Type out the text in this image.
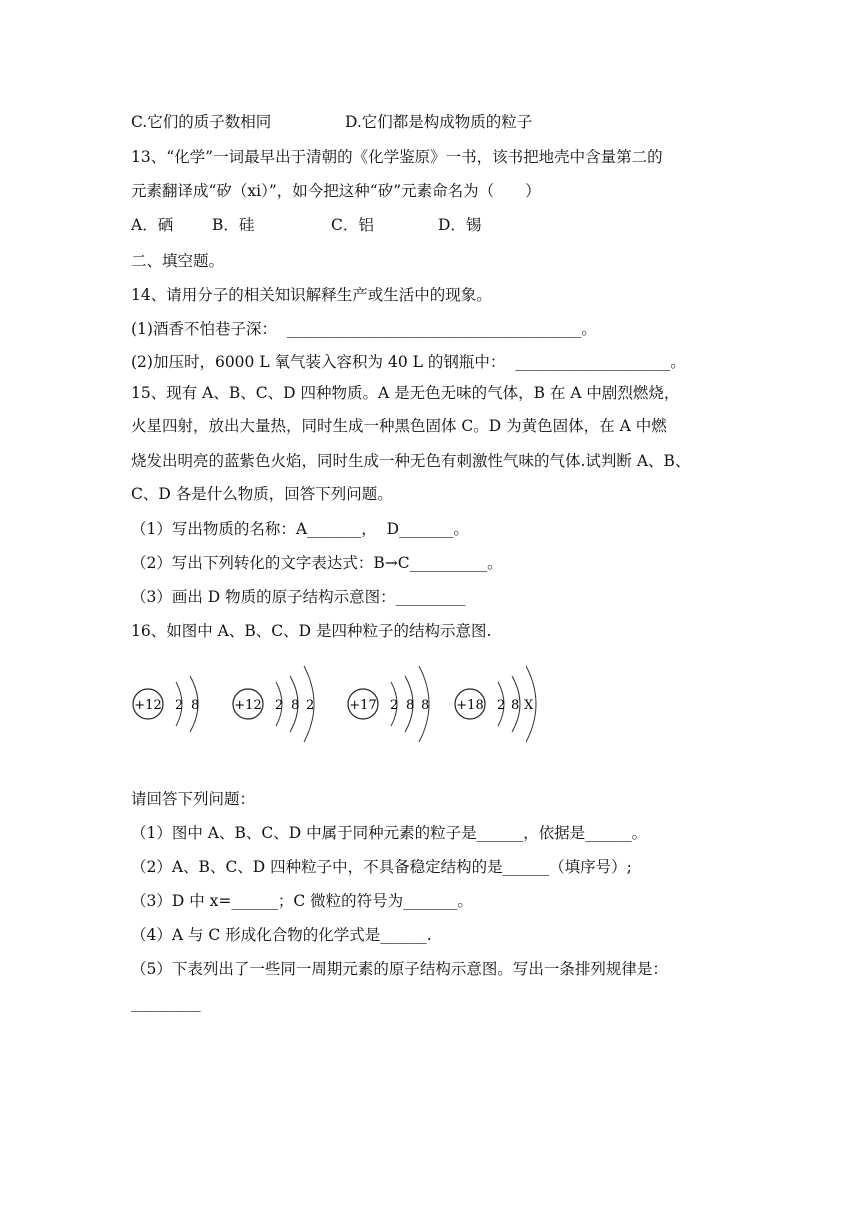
C.它们的质子数相同	D.它们都是构成物质的粒子
13、“化学”一词最早出于清朝的《化学鉴原》一书，该书把地壳中含量第二的
元素翻译成“矽（xi）”，如今把这种“矽”元素命名为（　　）
A．硒	B．硅	C．铝	D．锡
二、填空题。
14、请用分子的相关知识解释生产或生活中的现象。
(1)酒香不怕巷子深：  ______________________________________。
(2)加压时，6000 L 氧气装入容积为 40 L 的钢瓶中：  ____________________。
15、现有 A、B、C、D 四种物质。A 是无色无味的气体，B 在 A 中剧烈燃烧，
火星四射，放出大量热，同时生成一种黑色固体 C。D 为黄色固体，在 A 中燃
烧发出明亮的蓝紫色火焰，同时生成一种无色有刺激性气味的气体.试判断 A、B、
C、D 各是什么物质，回答下列问题。
（1）写出物质的名称：A_______，  D_______。
（2）写出下列转化的文字表达式：B→C__________。
（3）画出 D 物质的原子结构示意图：_________
16、如图中 A、B、C、D 是四种粒子的结构示意图.
+12 2 8	+12 2 8 2	+17 2 8 8 +18 2 8 X
请回答下列问题：
（1）图中 A、B、C、D 中属于同种元素的粒子是______，依据是______。
（2）A、B、C、D 四种粒子中，不具备稳定结构的是______（填序号）;
（3）D 中 x=______；C 微粒的符号为_______。
（4）A 与 C 形成化合物的化学式是______.
（5）下表列出了一些同一周期元素的原子结构示意图。写出一条排列规律是：
_________
